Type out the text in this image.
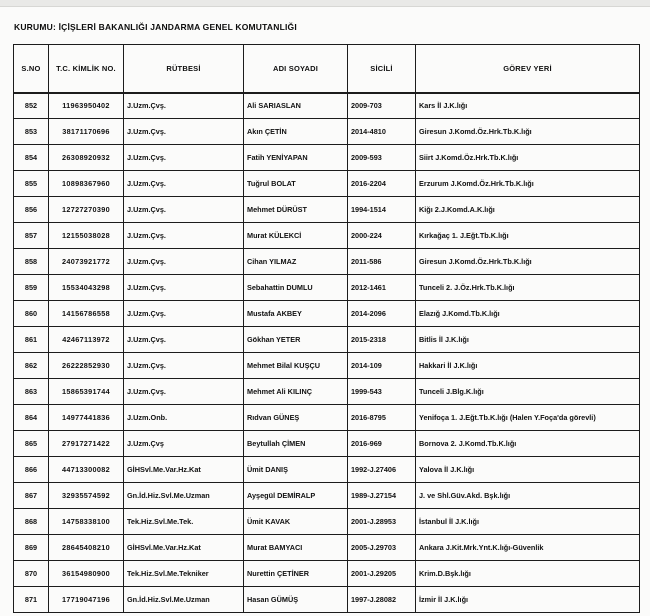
KURUMU: İÇİŞLERİ BAKANLIĞI JANDARMA GENEL KOMUTANLIĞI
S.NO	T.C. KİMLİK NO.	RÜTBESİ	ADI SOYADI	SİCİLİ	GÖREV YERİ
852	11963950402	J.Uzm.Çvş.	Ali SARIASLAN	2009-703	Kars İl J.K.lığı
853	38171170696	J.Uzm.Çvş.	Akın ÇETİN	2014-4810	Giresun J.Komd.Öz.Hrk.Tb.K.lığı
854	26308920932	J.Uzm.Çvş.	Fatih YENİYAPAN	2009-593	Siirt J.Komd.Öz.Hrk.Tb.K.lığı
855	10898367960	J.Uzm.Çvş.	Tuğrul BOLAT	2016-2204	Erzurum J.Komd.Öz.Hrk.Tb.K.lığı
856	12727270390	J.Uzm.Çvş.	Mehmet DÜRÜST	1994-1514	Kiğı 2.J.Komd.A.K.lığı
857	12155038028	J.Uzm.Çvş.	Murat KÜLEKCİ	2000-224	Kırkağaç 1. J.Eğt.Tb.K.lığı
858	24073921772	J.Uzm.Çvş.	Cihan YILMAZ	2011-586	Giresun J.Komd.Öz.Hrk.Tb.K.lığı
859	15534043298	J.Uzm.Çvş.	Sebahattin DUMLU	2012-1461	Tunceli 2. J.Öz.Hrk.Tb.K.lığı
860	14156786558	J.Uzm.Çvş.	Mustafa AKBEY	2014-2096	Elazığ J.Komd.Tb.K.lığı
861	42467113972	J.Uzm.Çvş.	Gökhan YETER	2015-2318	Bitlis İl J.K.lığı
862	26222852930	J.Uzm.Çvş.	Mehmet Bilal KUŞÇU	2014-109	Hakkari İl J.K.lığı
863	15865391744	J.Uzm.Çvş.	Mehmet Ali KILINÇ	1999-543	Tunceli J.Blg.K.lığı
864	14977441836	J.Uzm.Onb.	Rıdvan GÜNEŞ	2016-8795	Yenifoça 1. J.Eğt.Tb.K.lığı (Halen Y.Foça'da görevli)
865	27917271422	J.Uzm.Çvş	Beytullah ÇİMEN	2016-969	Bornova 2. J.Komd.Tb.K.lığı
866	44713300082	GİHSvl.Me.Var.Hz.Kat	Ümit DANIŞ	1992-J.27406	Yalova İl J.K.lığı
867	32935574592	Gn.İd.Hiz.Svl.Me.Uzman	Ayşegül DEMİRALP	1989-J.27154	J. ve Shl.Güv.Akd. Bşk.lığı
868	14758338100	Tek.Hiz.Svl.Me.Tek.	Ümit KAVAK	2001-J.28953	İstanbul İl J.K.lığı
869	28645408210	GİHSvl.Me.Var.Hz.Kat	Murat BAMYACI	2005-J.29703	Ankara J.Kit.Mrk.Ynt.K.lığı-Güvenlik
870	36154980900	Tek.Hiz.Svl.Me.Tekniker	Nurettin ÇETİNER	2001-J.29205	Krim.D.Bşk.lığı
871	17719047196	Gn.İd.Hiz.Svl.Me.Uzman	Hasan GÜMÜŞ	1997-J.28082	İzmir İl J.K.lığı
